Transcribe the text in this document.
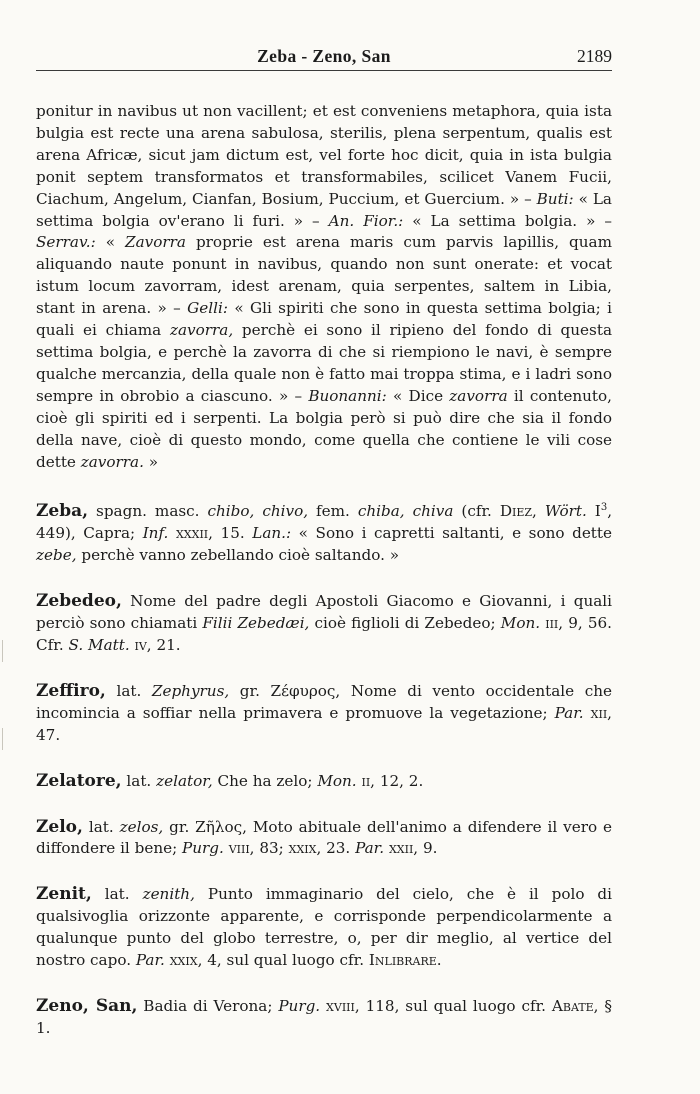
Zeba - Zeno, San	2189

ponitur in navibus ut non vacillent; et est conveniens metaphora, quia ista bulgia est recte una arena sabulosa, sterilis, plena serpentum, qualis est arena Africæ, sicut jam dictum est, vel forte hoc dicit, quia in ista bulgia ponit septem transformatos et transformabiles, scilicet Vanem Fucii, Ciachum, Angelum, Cianfan, Bosium, Puccium, et Guercium. » – Buti: « La settima bolgia ov'erano li furi. » – An. Fior.: « La settima bolgia. » – Serrav.: « Zavorra proprie est arena maris cum parvis lapillis, quam aliquando naute ponunt in navibus, quando non sunt onerate: et vocat istum locum zavorram, idest arenam, quia serpentes, saltem in Libia, stant in arena. » – Gelli: « Gli spiriti che sono in questa settima bolgia; i quali ei chiama zavorra, perchè ei sono il ripieno del fondo di questa settima bolgia, e perchè la zavorra di che si riempiono le navi, è sempre qualche mercanzia, della quale non è fatto mai troppa stima, e i ladri sono sempre in obrobio a ciascuno. » – Buonanni: « Dice zavorra il contenuto, cioè gli spiriti ed i serpenti. La bolgia però si può dire che sia il fondo della nave, cioè di questo mondo, come quella che contiene le vili cose dette zavorra. »

Zeba, spagn. masc. chibo, chivo, fem. chiba, chiva (cfr. Diez, Wört. $I^3$, 449), Capra; Inf. xxxii, 15. Lan.: « Sono i capretti saltanti, e sono dette zebe, perchè vanno zebellando cioè saltando. »

Zebedeo, Nome del padre degli Apostoli Giacomo e Giovanni, i quali perciò sono chiamati Filii Zebedæi, cioè figlioli di Zebedeo; Mon. iii, 9, 56. Cfr. S. Matt. iv, 21.

Zeffiro, lat. Zephyrus, gr. Ζέφυρος, Nome di vento occidentale che incomincia a soffiar nella primavera e promuove la vegetazione; Par. xii, 47.

Zelatore, lat. zelator, Che ha zelo; Mon. ii, 12, 2.

Zelo, lat. zelos, gr. Ζῆλος, Moto abituale dell'animo a difendere il vero e diffondere il bene; Purg. viii, 83; xxix, 23. Par. xxii, 9.

Zenit, lat. zenith, Punto immaginario del cielo, che è il polo di qualsivoglia orizzonte apparente, e corrisponde perpendicolarmente a qualunque punto del globo terrestre, o, per dir meglio, al vertice del nostro capo. Par. xxix, 4, sul qual luogo cfr. Inlibrare.

Zeno, San, Badia di Verona; Purg. xviii, 118, sul qual luogo cfr. Abate, § 1.
